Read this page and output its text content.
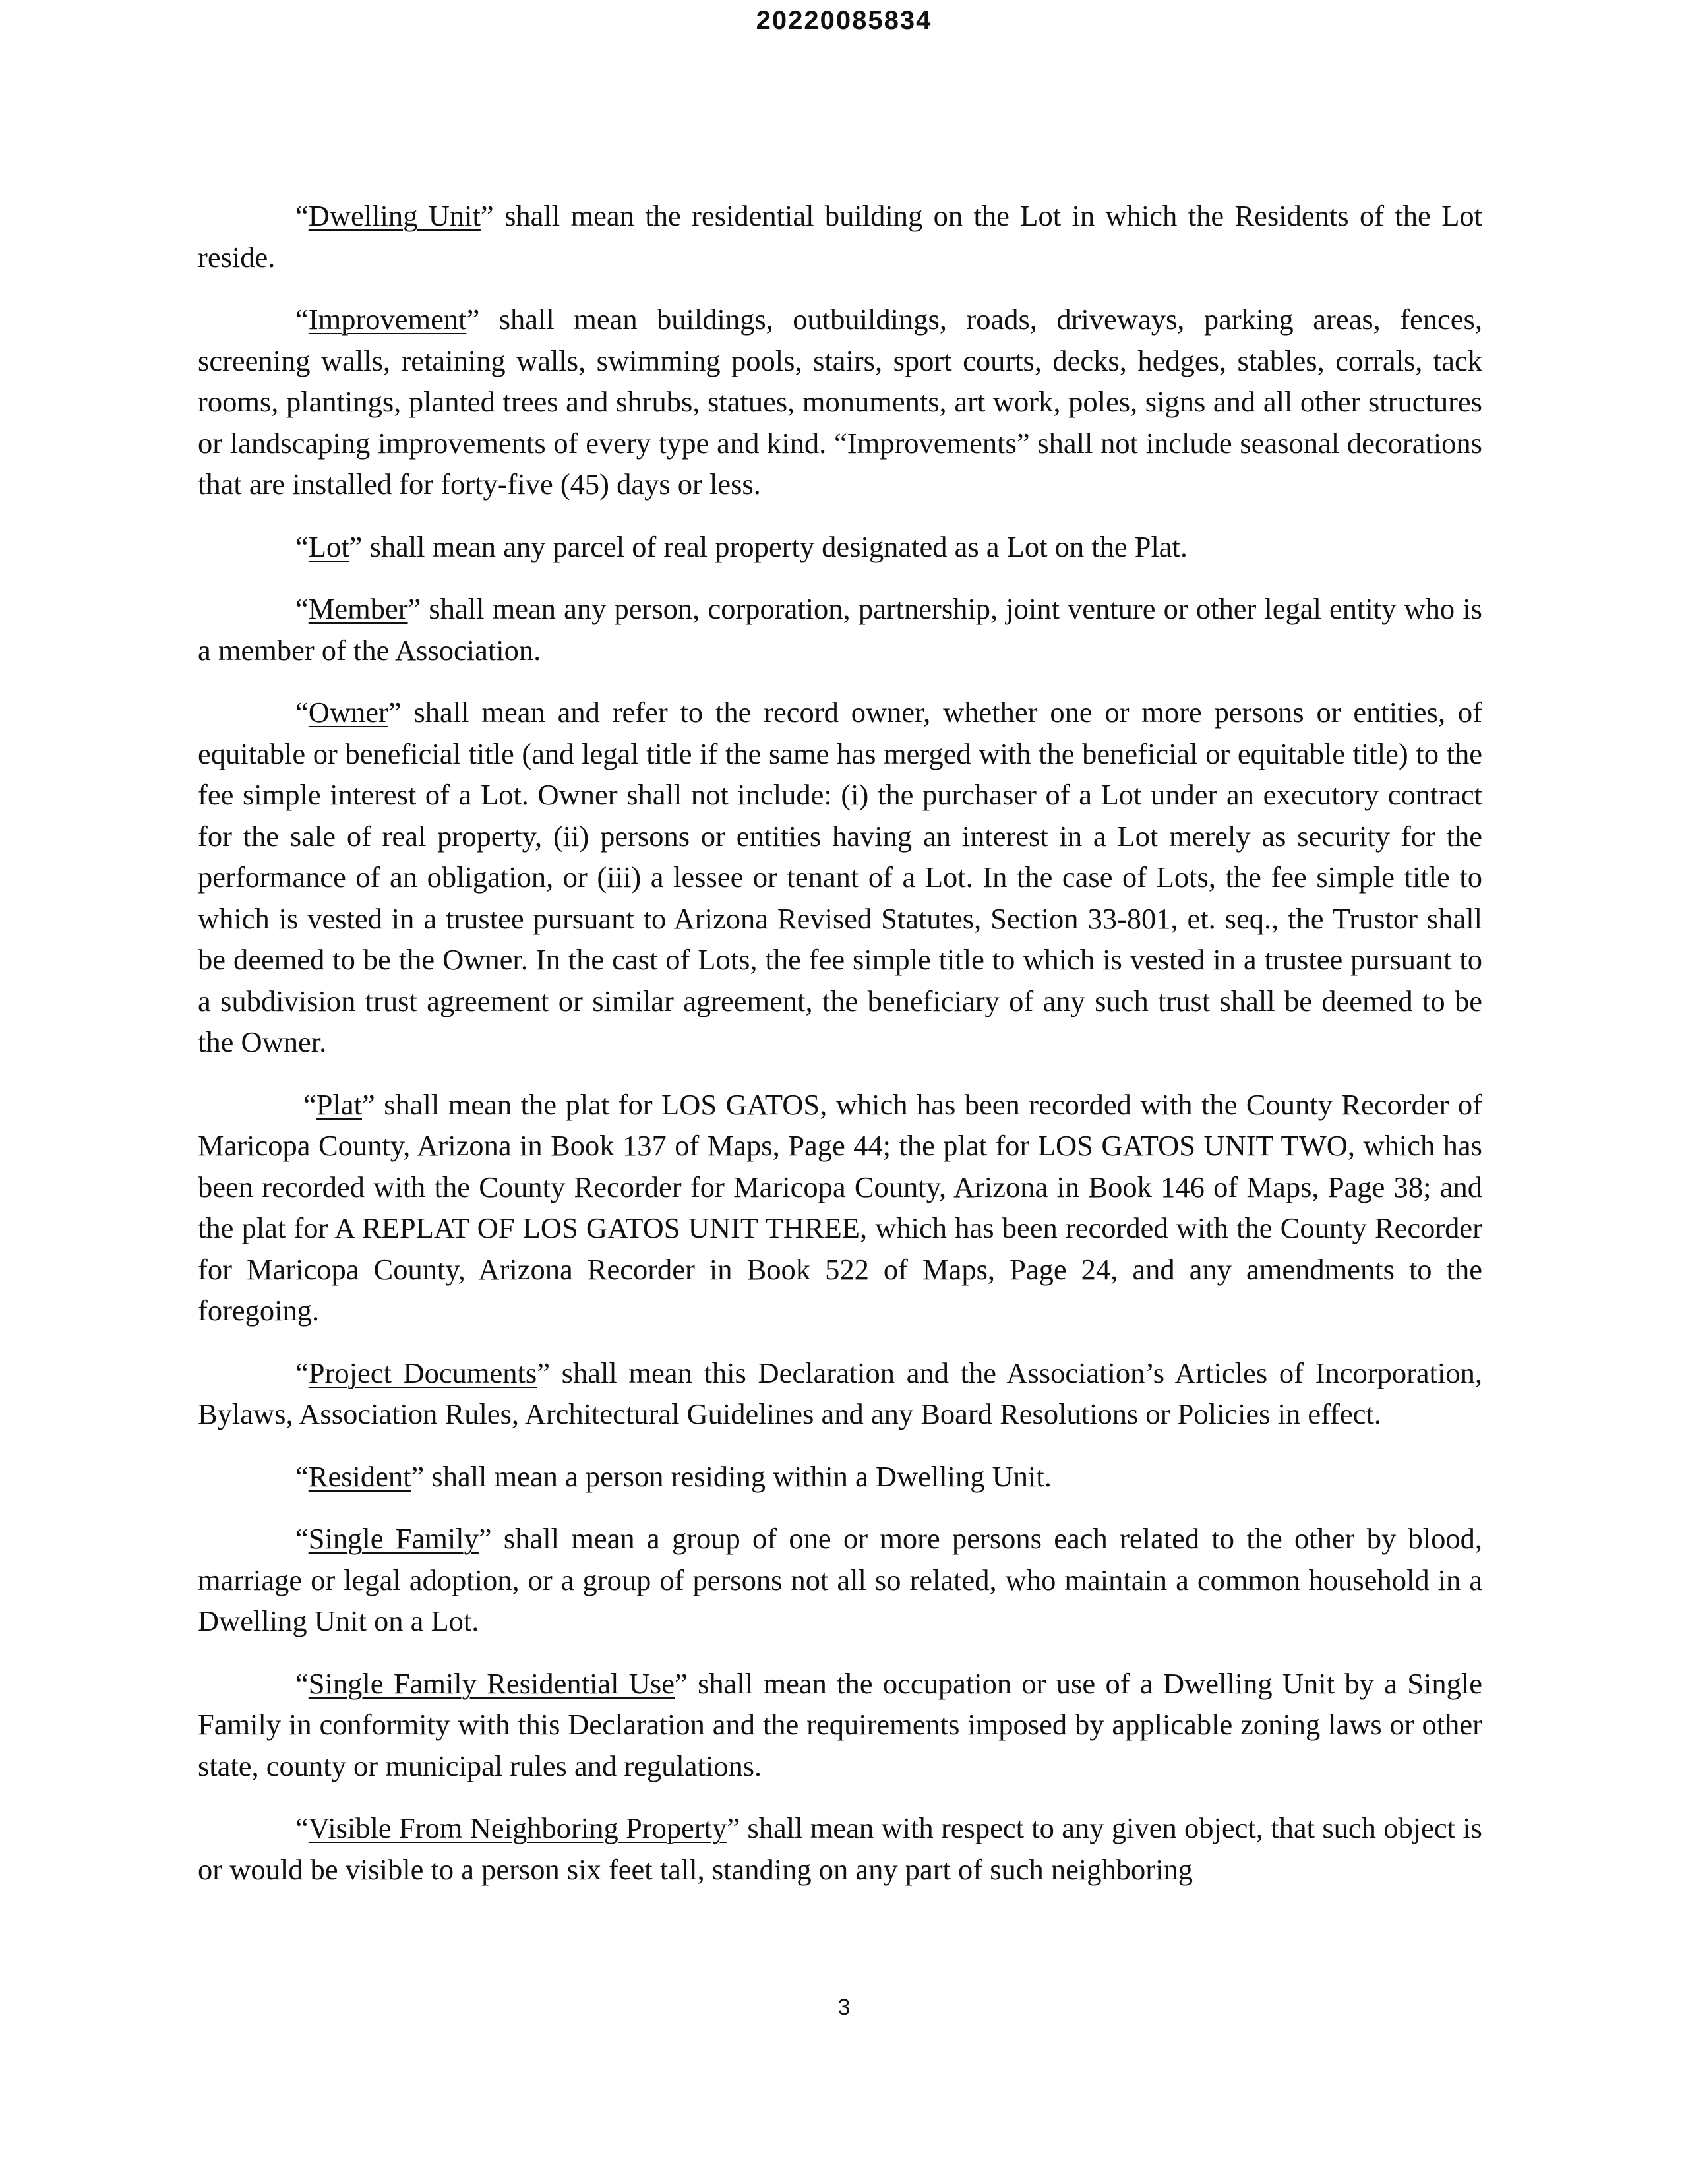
20220085834

“Dwelling Unit” shall mean the residential building on the Lot in which the Residents of the Lot reside.

“Improvement” shall mean buildings, outbuildings, roads, driveways, parking areas, fences, screening walls, retaining walls, swimming pools, stairs, sport courts, decks, hedges, stables, corrals, tack rooms, plantings, planted trees and shrubs, statues, monuments, art work, poles, signs and all other structures or landscaping improvements of every type and kind. “Improvements” shall not include seasonal decorations that are installed for forty-five (45) days or less.

“Lot” shall mean any parcel of real property designated as a Lot on the Plat.

“Member” shall mean any person, corporation, partnership, joint venture or other legal entity who is a member of the Association.

“Owner” shall mean and refer to the record owner, whether one or more persons or entities, of equitable or beneficial title (and legal title if the same has merged with the beneficial or equitable title) to the fee simple interest of a Lot. Owner shall not include: (i) the purchaser of a Lot under an executory contract for the sale of real property, (ii) persons or entities having an interest in a Lot merely as security for the performance of an obligation, or (iii) a lessee or tenant of a Lot. In the case of Lots, the fee simple title to which is vested in a trustee pursuant to Arizona Revised Statutes, Section 33-801, et. seq., the Trustor shall be deemed to be the Owner. In the cast of Lots, the fee simple title to which is vested in a trustee pursuant to a subdivision trust agreement or similar agreement, the beneficiary of any such trust shall be deemed to be the Owner.

“Plat” shall mean the plat for LOS GATOS, which has been recorded with the County Recorder of Maricopa County, Arizona in Book 137 of Maps, Page 44; the plat for LOS GATOS UNIT TWO, which has been recorded with the County Recorder for Maricopa County, Arizona in Book 146 of Maps, Page 38; and the plat for A REPLAT OF LOS GATOS UNIT THREE, which has been recorded with the County Recorder for Maricopa County, Arizona Recorder in Book 522 of Maps, Page 24, and any amendments to the foregoing.

“Project Documents” shall mean this Declaration and the Association’s Articles of Incorporation, Bylaws, Association Rules, Architectural Guidelines and any Board Resolutions or Policies in effect.

“Resident” shall mean a person residing within a Dwelling Unit.

“Single Family” shall mean a group of one or more persons each related to the other by blood, marriage or legal adoption, or a group of persons not all so related, who maintain a common household in a Dwelling Unit on a Lot.

“Single Family Residential Use” shall mean the occupation or use of a Dwelling Unit by a Single Family in conformity with this Declaration and the requirements imposed by applicable zoning laws or other state, county or municipal rules and regulations.

“Visible From Neighboring Property” shall mean with respect to any given object, that such object is or would be visible to a person six feet tall, standing on any part of such neighboring

3
